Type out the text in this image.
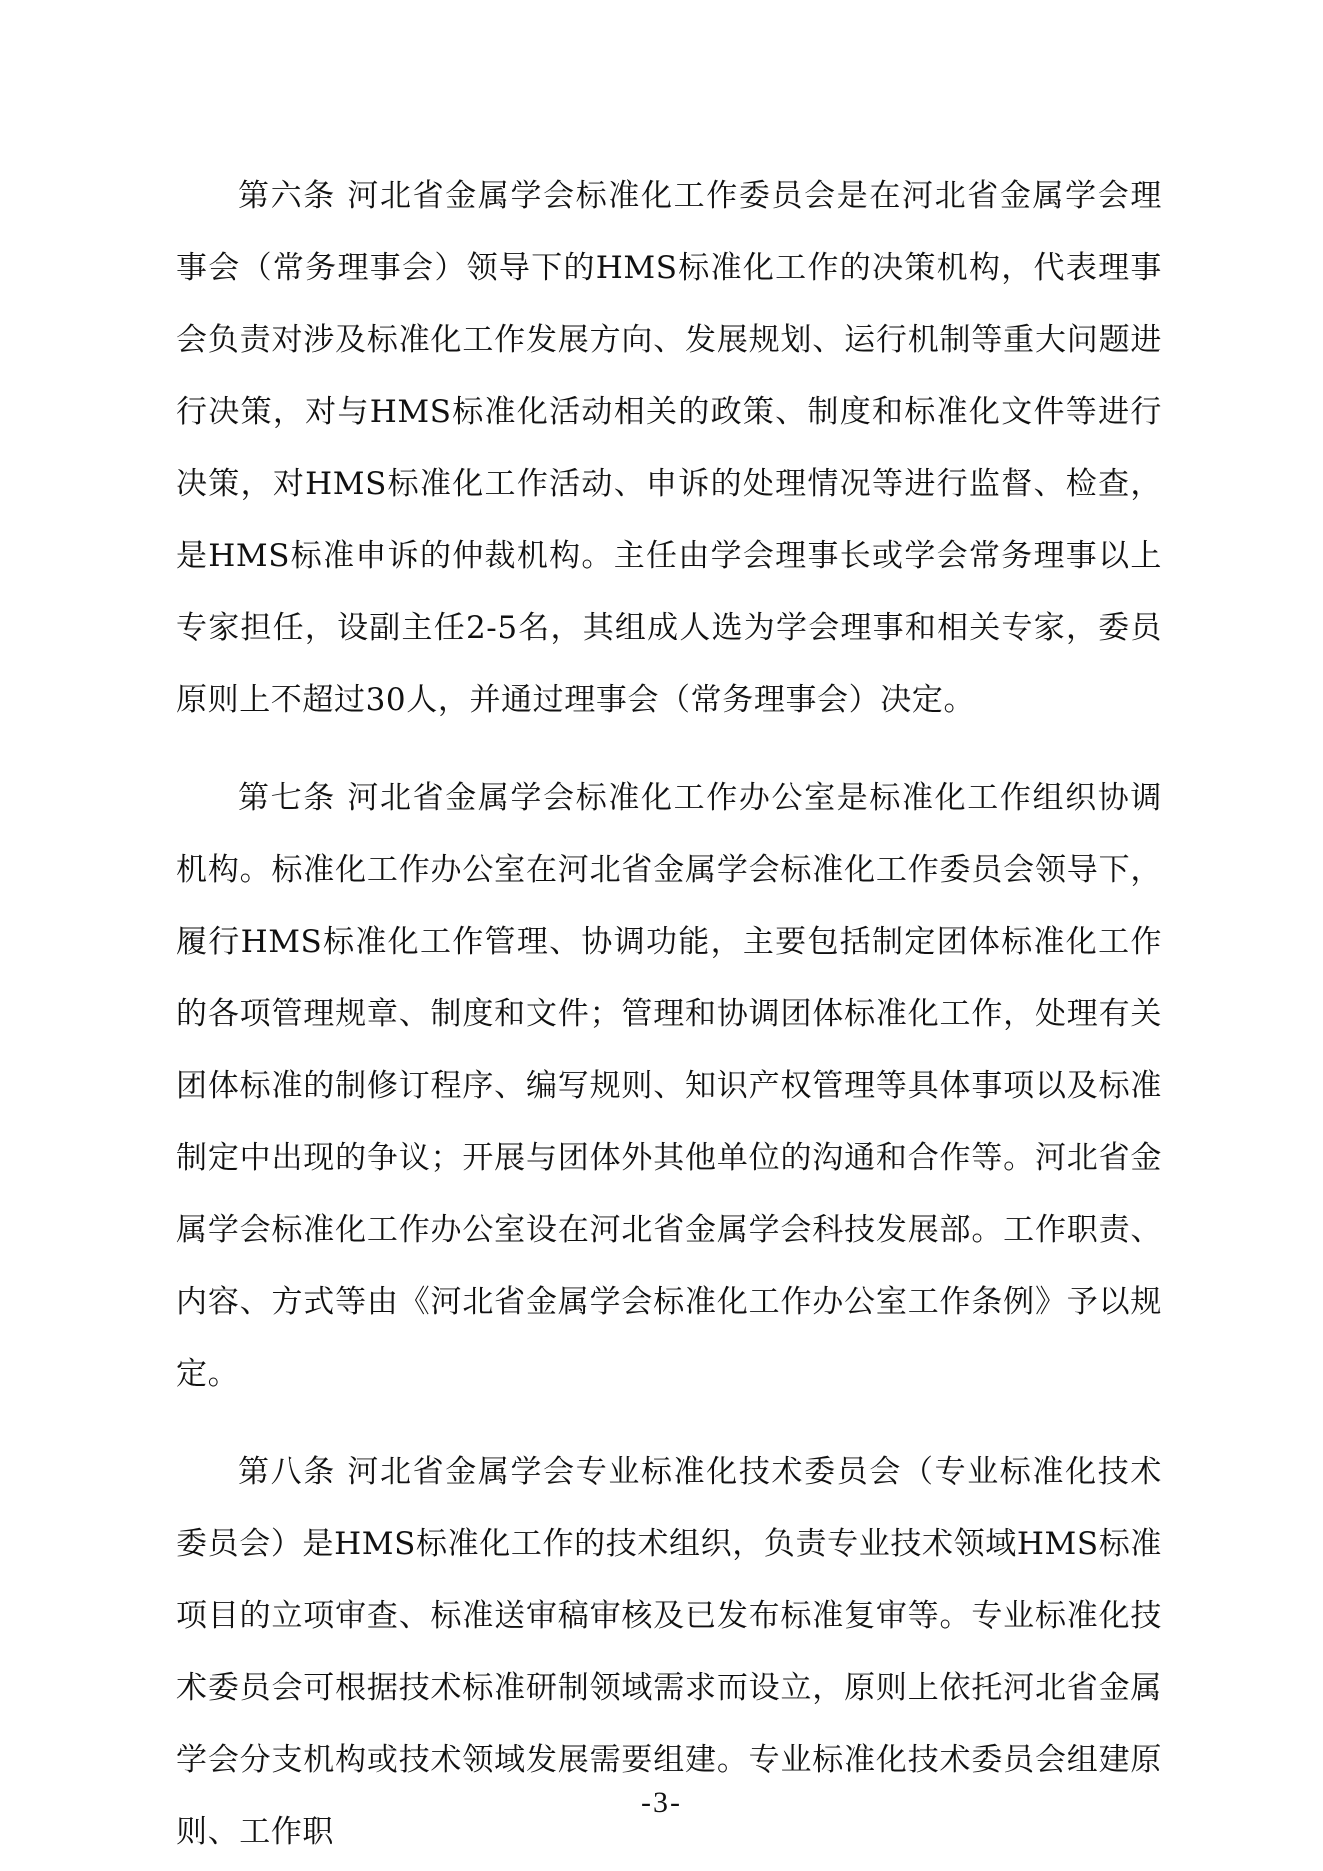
第六条 河北省金属学会标准化工作委员会是在河北省金属学会理事会（常务理事会）领导下的HMS标准化工作的决策机构，代表理事会负责对涉及标准化工作发展方向、发展规划、运行机制等重大问题进行决策，对与HMS标准化活动相关的政策、制度和标准化文件等进行决策，对HMS标准化工作活动、申诉的处理情况等进行监督、检查，是HMS标准申诉的仲裁机构。主任由学会理事长或学会常务理事以上专家担任，设副主任2-5名，其组成人选为学会理事和相关专家，委员原则上不超过30人，并通过理事会（常务理事会）决定。

第七条 河北省金属学会标准化工作办公室是标准化工作组织协调机构。标准化工作办公室在河北省金属学会标准化工作委员会领导下，履行HMS标准化工作管理、协调功能，主要包括制定团体标准化工作的各项管理规章、制度和文件；管理和协调团体标准化工作，处理有关团体标准的制修订程序、编写规则、知识产权管理等具体事项以及标准制定中出现的争议；开展与团体外其他单位的沟通和合作等。河北省金属学会标准化工作办公室设在河北省金属学会科技发展部。工作职责、内容、方式等由《河北省金属学会标准化工作办公室工作条例》予以规定。

第八条 河北省金属学会专业标准化技术委员会（专业标准化技术委员会）是HMS标准化工作的技术组织，负责专业技术领域HMS标准项目的立项审查、标准送审稿审核及已发布标准复审等。专业标准化技术委员会可根据技术标准研制领域需求而设立，原则上依托河北省金属学会分支机构或技术领域发展需要组建。专业标准化技术委员会组建原则、工作职

-3-
